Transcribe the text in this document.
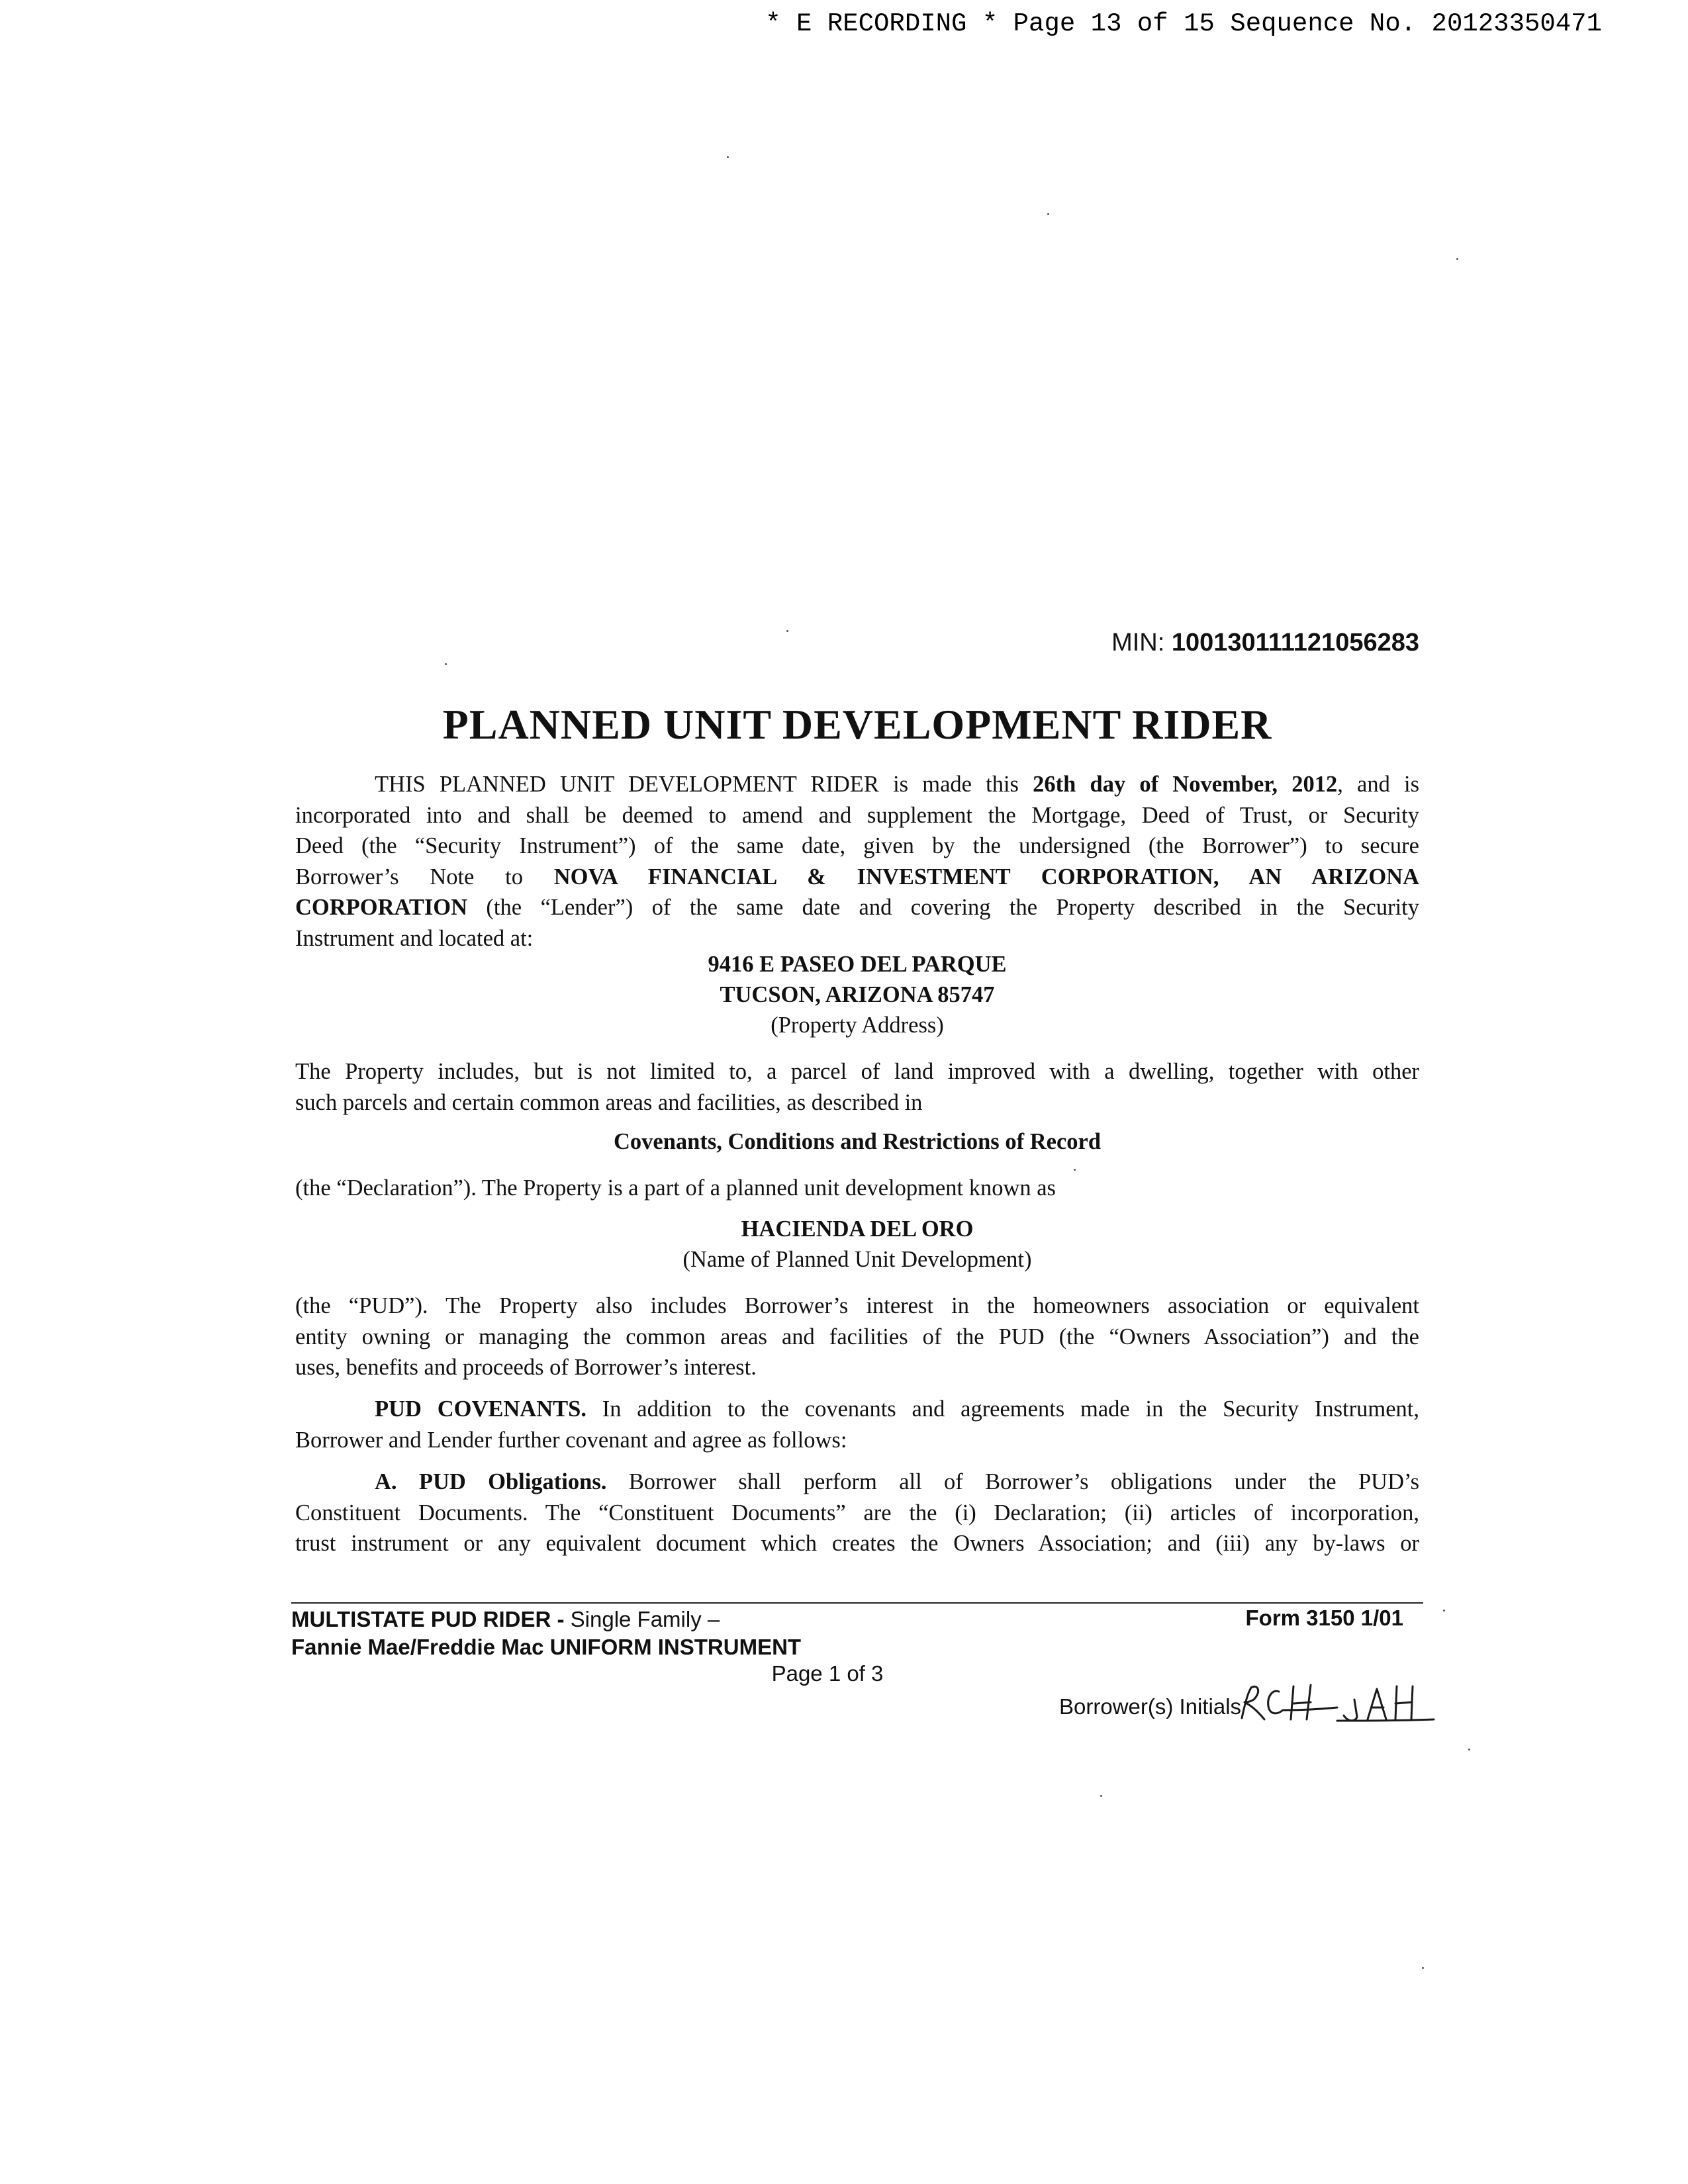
* E RECORDING * Page 13 of 15 Sequence No. 20123350471
MIN: 100130111121056283
PLANNED UNIT DEVELOPMENT RIDER
THIS PLANNED UNIT DEVELOPMENT RIDER is made this 26th day of November, 2012, and is
incorporated into and shall be deemed to amend and supplement the Mortgage, Deed of Trust, or Security
Deed (the “Security Instrument”) of the same date, given by the undersigned (the Borrower”) to secure
Borrower’s Note to NOVA FINANCIAL & INVESTMENT CORPORATION, AN ARIZONA
CORPORATION (the “Lender”) of the same date and covering the Property described in the Security
Instrument and located at:
9416 E PASEO DEL PARQUE
TUCSON, ARIZONA 85747
(Property Address)
The Property includes, but is not limited to, a parcel of land improved with a dwelling, together with other
such parcels and certain common areas and facilities, as described in
Covenants, Conditions and Restrictions of Record
(the “Declaration”). The Property is a part of a planned unit development known as
HACIENDA DEL ORO
(Name of Planned Unit Development)
(the “PUD”). The Property also includes Borrower’s interest in the homeowners association or equivalent
entity owning or managing the common areas and facilities of the PUD (the “Owners Association”) and the
uses, benefits and proceeds of Borrower’s interest.
PUD COVENANTS. In addition to the covenants and agreements made in the Security Instrument,
Borrower and Lender further covenant and agree as follows:
A. PUD Obligations. Borrower shall perform all of Borrower’s obligations under the PUD’s
Constituent Documents. The “Constituent Documents” are the (i) Declaration; (ii) articles of incorporation,
trust instrument or any equivalent document which creates the Owners Association; and (iii) any by-laws or
MULTISTATE PUD RIDER - Single Family –
Fannie Mae/Freddie Mac UNIFORM INSTRUMENT
Form 3150 1/01
Page 1 of 3
Borrower(s) Initials
